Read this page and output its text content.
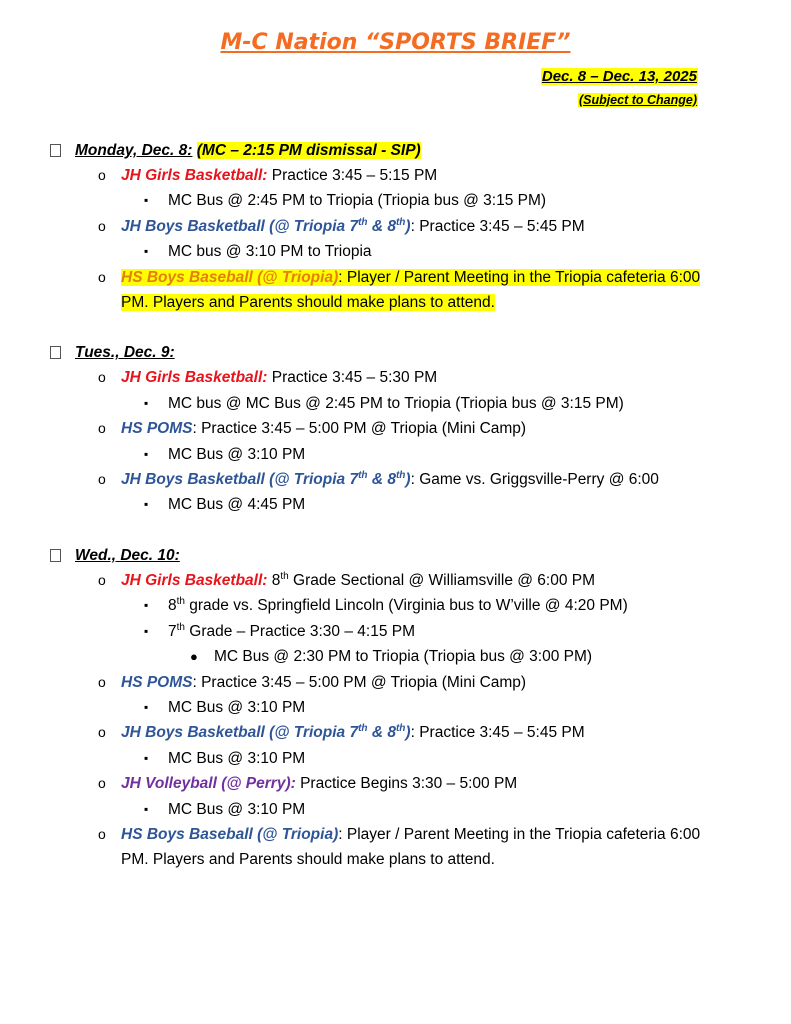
M-C Nation “SPORTS BRIEF”
Dec. 8 – Dec. 13, 2025
(Subject to Change)
Monday, Dec. 8: (MC – 2:15 PM dismissal - SIP)
o JH Girls Basketball: Practice 3:45 – 5:15 PM
▪ MC Bus @ 2:45 PM to Triopia (Triopia bus @ 3:15 PM)
o JH Boys Basketball (@ Triopia 7th & 8th): Practice 3:45 – 5:45 PM
▪ MC bus @ 3:10 PM to Triopia
o HS Boys Baseball (@ Triopia): Player / Parent Meeting in the Triopia cafeteria 6:00 PM. Players and Parents should make plans to attend.
Tues., Dec. 9:
o JH Girls Basketball: Practice 3:45 – 5:30 PM
▪ MC bus @ MC Bus @ 2:45 PM to Triopia (Triopia bus @ 3:15 PM)
o HS POMS: Practice 3:45 – 5:00 PM @ Triopia (Mini Camp)
▪ MC Bus @ 3:10 PM
o JH Boys Basketball (@ Triopia 7th & 8th): Game vs. Griggsville-Perry @ 6:00
▪ MC Bus @ 4:45 PM
Wed., Dec. 10:
o JH Girls Basketball: 8th Grade Sectional @ Williamsville @ 6:00 PM
▪ 8th grade vs. Springfield Lincoln (Virginia bus to W’ville @ 4:20 PM)
▪ 7th Grade – Practice 3:30 – 4:15 PM
● MC Bus @ 2:30 PM to Triopia (Triopia bus @ 3:00 PM)
o HS POMS: Practice 3:45 – 5:00 PM @ Triopia (Mini Camp)
▪ MC Bus @ 3:10 PM
o JH Boys Basketball (@ Triopia 7th & 8th): Practice 3:45 – 5:45 PM
▪ MC Bus @ 3:10 PM
o JH Volleyball (@ Perry): Practice Begins 3:30 – 5:00 PM
▪ MC Bus @ 3:10 PM
o HS Boys Baseball (@ Triopia): Player / Parent Meeting in the Triopia cafeteria 6:00 PM. Players and Parents should make plans to attend.
